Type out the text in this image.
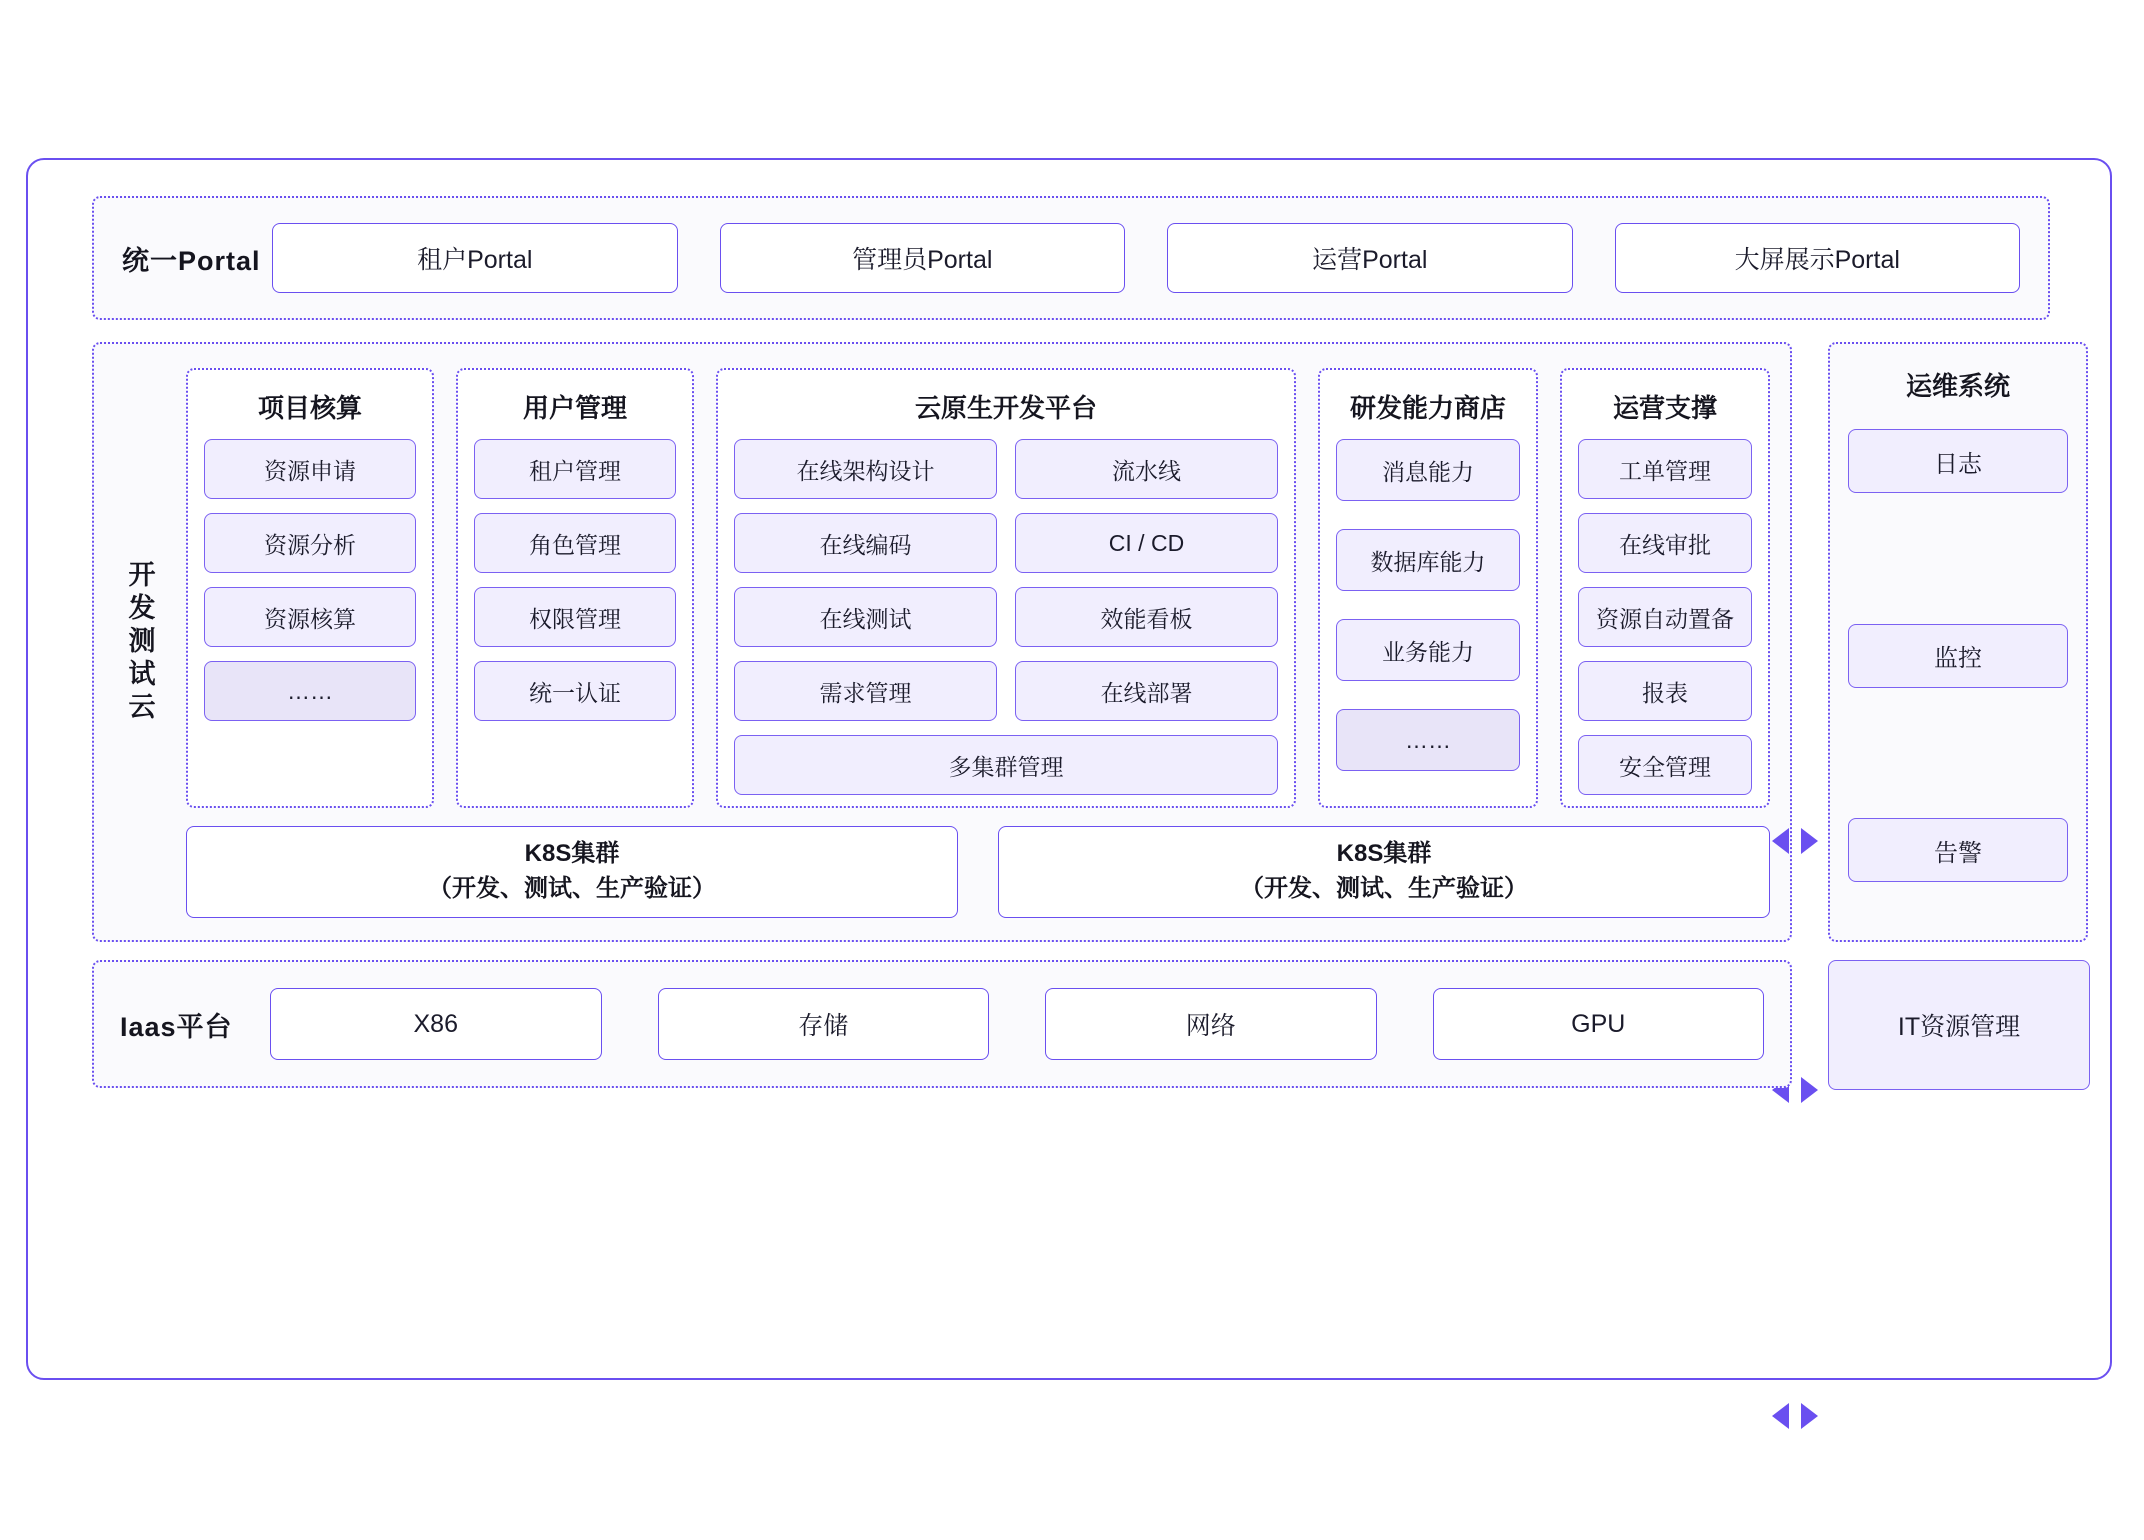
统一Portal	租户Portal	管理员Portal	运营Portal	大屏展示Portal
开发测试云
项目核算
资源申请
资源分析
资源核算
……
用户管理
租户管理
角色管理
权限管理
统一认证
云原生开发平台
在线架构设计	流水线
在线编码	CI / CD
在线测试	效能看板
需求管理	在线部署
多集群管理
研发能力商店
消息能力
数据库能力
业务能力
……
运营支撑
工单管理
在线审批
资源自动置备
报表
安全管理
K8S集群
（开发、测试、生产验证）
K8S集群
（开发、测试、生产验证）
运维系统
日志
监控
告警
Iaas平台	X86	存储	网络	GPU	IT资源管理
